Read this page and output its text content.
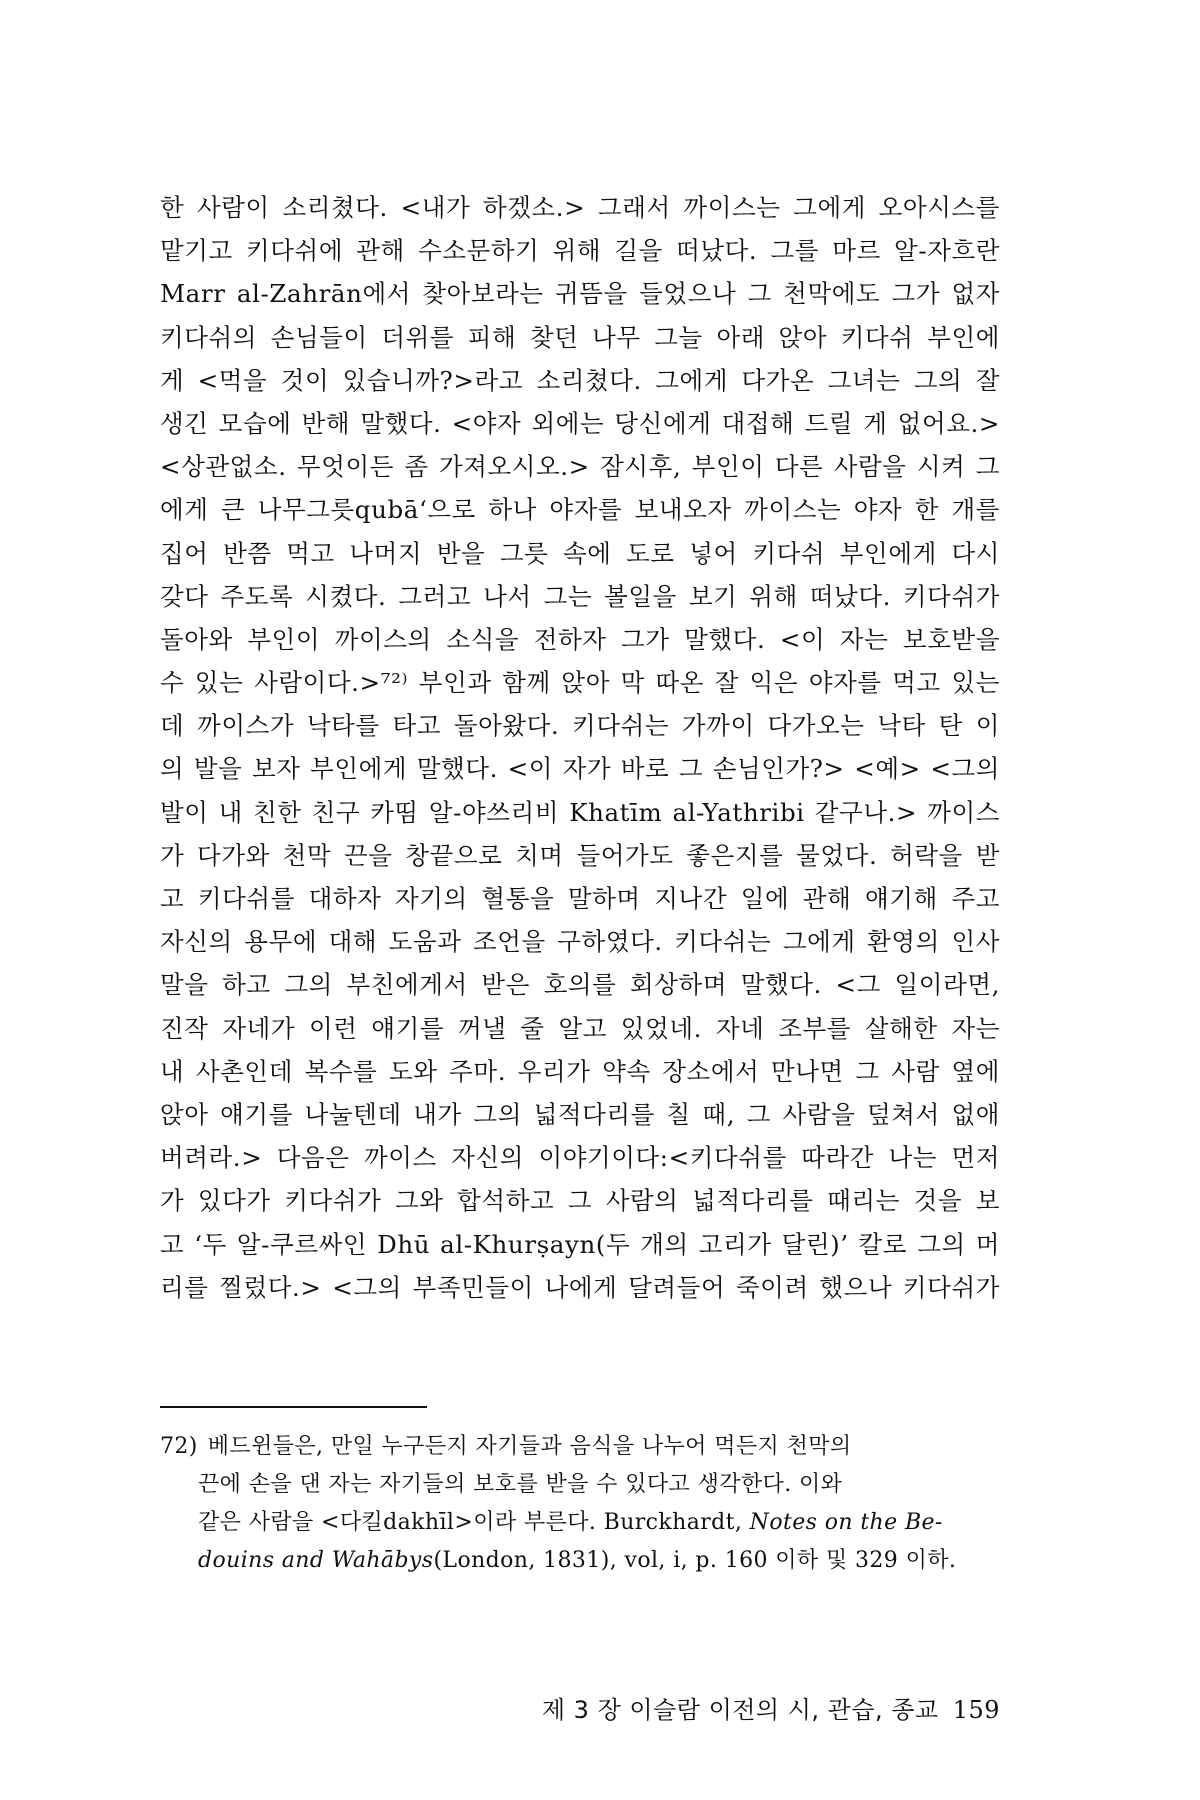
한 사람이 소리쳤다. <내가 하겠소.> 그래서 까이스는 그에게 오아시스를

맡기고 키다쉬에 관해 수소문하기 위해 길을 떠났다. 그를 마르 알-자흐란

Marr al-Zahrān에서 찾아보라는 귀뜸을 들었으나 그 천막에도 그가 없자

키다쉬의 손님들이 더위를 피해 찾던 나무 그늘 아래 앉아 키다쉬 부인에

게 <먹을 것이 있습니까?>라고 소리쳤다. 그에게 다가온 그녀는 그의 잘

생긴 모습에 반해 말했다. <야자 외에는 당신에게 대접해 드릴 게 없어요.>

<상관없소. 무엇이든 좀 가져오시오.> 잠시후, 부인이 다른 사람을 시켜 그

에게 큰 나무그릇qubā‘으로 하나 야자를 보내오자 까이스는 야자 한 개를

집어 반쯤 먹고 나머지 반을 그릇 속에 도로 넣어 키다쉬 부인에게 다시

갖다 주도록 시켰다. 그러고 나서 그는 볼일을 보기 위해 떠났다. 키다쉬가

돌아와 부인이 까이스의 소식을 전하자 그가 말했다. <이 자는 보호받을

수 있는 사람이다.>⁷²⁾ 부인과 함께 앉아 막 따온 잘 익은 야자를 먹고 있는

데 까이스가 낙타를 타고 돌아왔다. 키다쉬는 가까이 다가오는 낙타 탄 이

의 발을 보자 부인에게 말했다. <이 자가 바로 그 손님인가?> <예> <그의

발이 내 친한 친구 카띰 알-야쓰리비 Khatīm al-Yathribi 같구나.> 까이스

가 다가와 천막 끈을 창끝으로 치며 들어가도 좋은지를 물었다. 허락을 받

고 키다쉬를 대하자 자기의 혈통을 말하며 지나간 일에 관해 얘기해 주고

자신의 용무에 대해 도움과 조언을 구하였다. 키다쉬는 그에게 환영의 인사

말을 하고 그의 부친에게서 받은 호의를 회상하며 말했다. <그 일이라면,

진작 자네가 이런 얘기를 꺼낼 줄 알고 있었네. 자네 조부를 살해한 자는

내 사촌인데 복수를 도와 주마. 우리가 약속 장소에서 만나면 그 사람 옆에

앉아 얘기를 나눌텐데 내가 그의 넓적다리를 칠 때, 그 사람을 덮쳐서 없애

버려라.> 다음은 까이스 자신의 이야기이다:<키다쉬를 따라간 나는 먼저

가 있다가 키다쉬가 그와 합석하고 그 사람의 넓적다리를 때리는 것을 보

고 ‘두 알-쿠르싸인 Dhū al-Khurṣayn(두 개의 고리가 달린)’ 칼로 그의 머

리를 찔렀다.> <그의 부족민들이 나에게 달려들어 죽이려 했으나 키다쉬가

72) 베드윈들은, 만일 누구든지 자기들과 음식을 나누어 먹든지 천막의

끈에 손을 댄 자는 자기들의 보호를 받을 수 있다고 생각한다. 이와

같은 사람을 <다킬dakhīl>이라 부른다. Burckhardt, Notes on the Be-

douins and Wahābys(London, 1831), vol, i, p. 160 이하 및 329 이하.

제 3 장 이슬람 이전의 시, 관습, 종교 159
